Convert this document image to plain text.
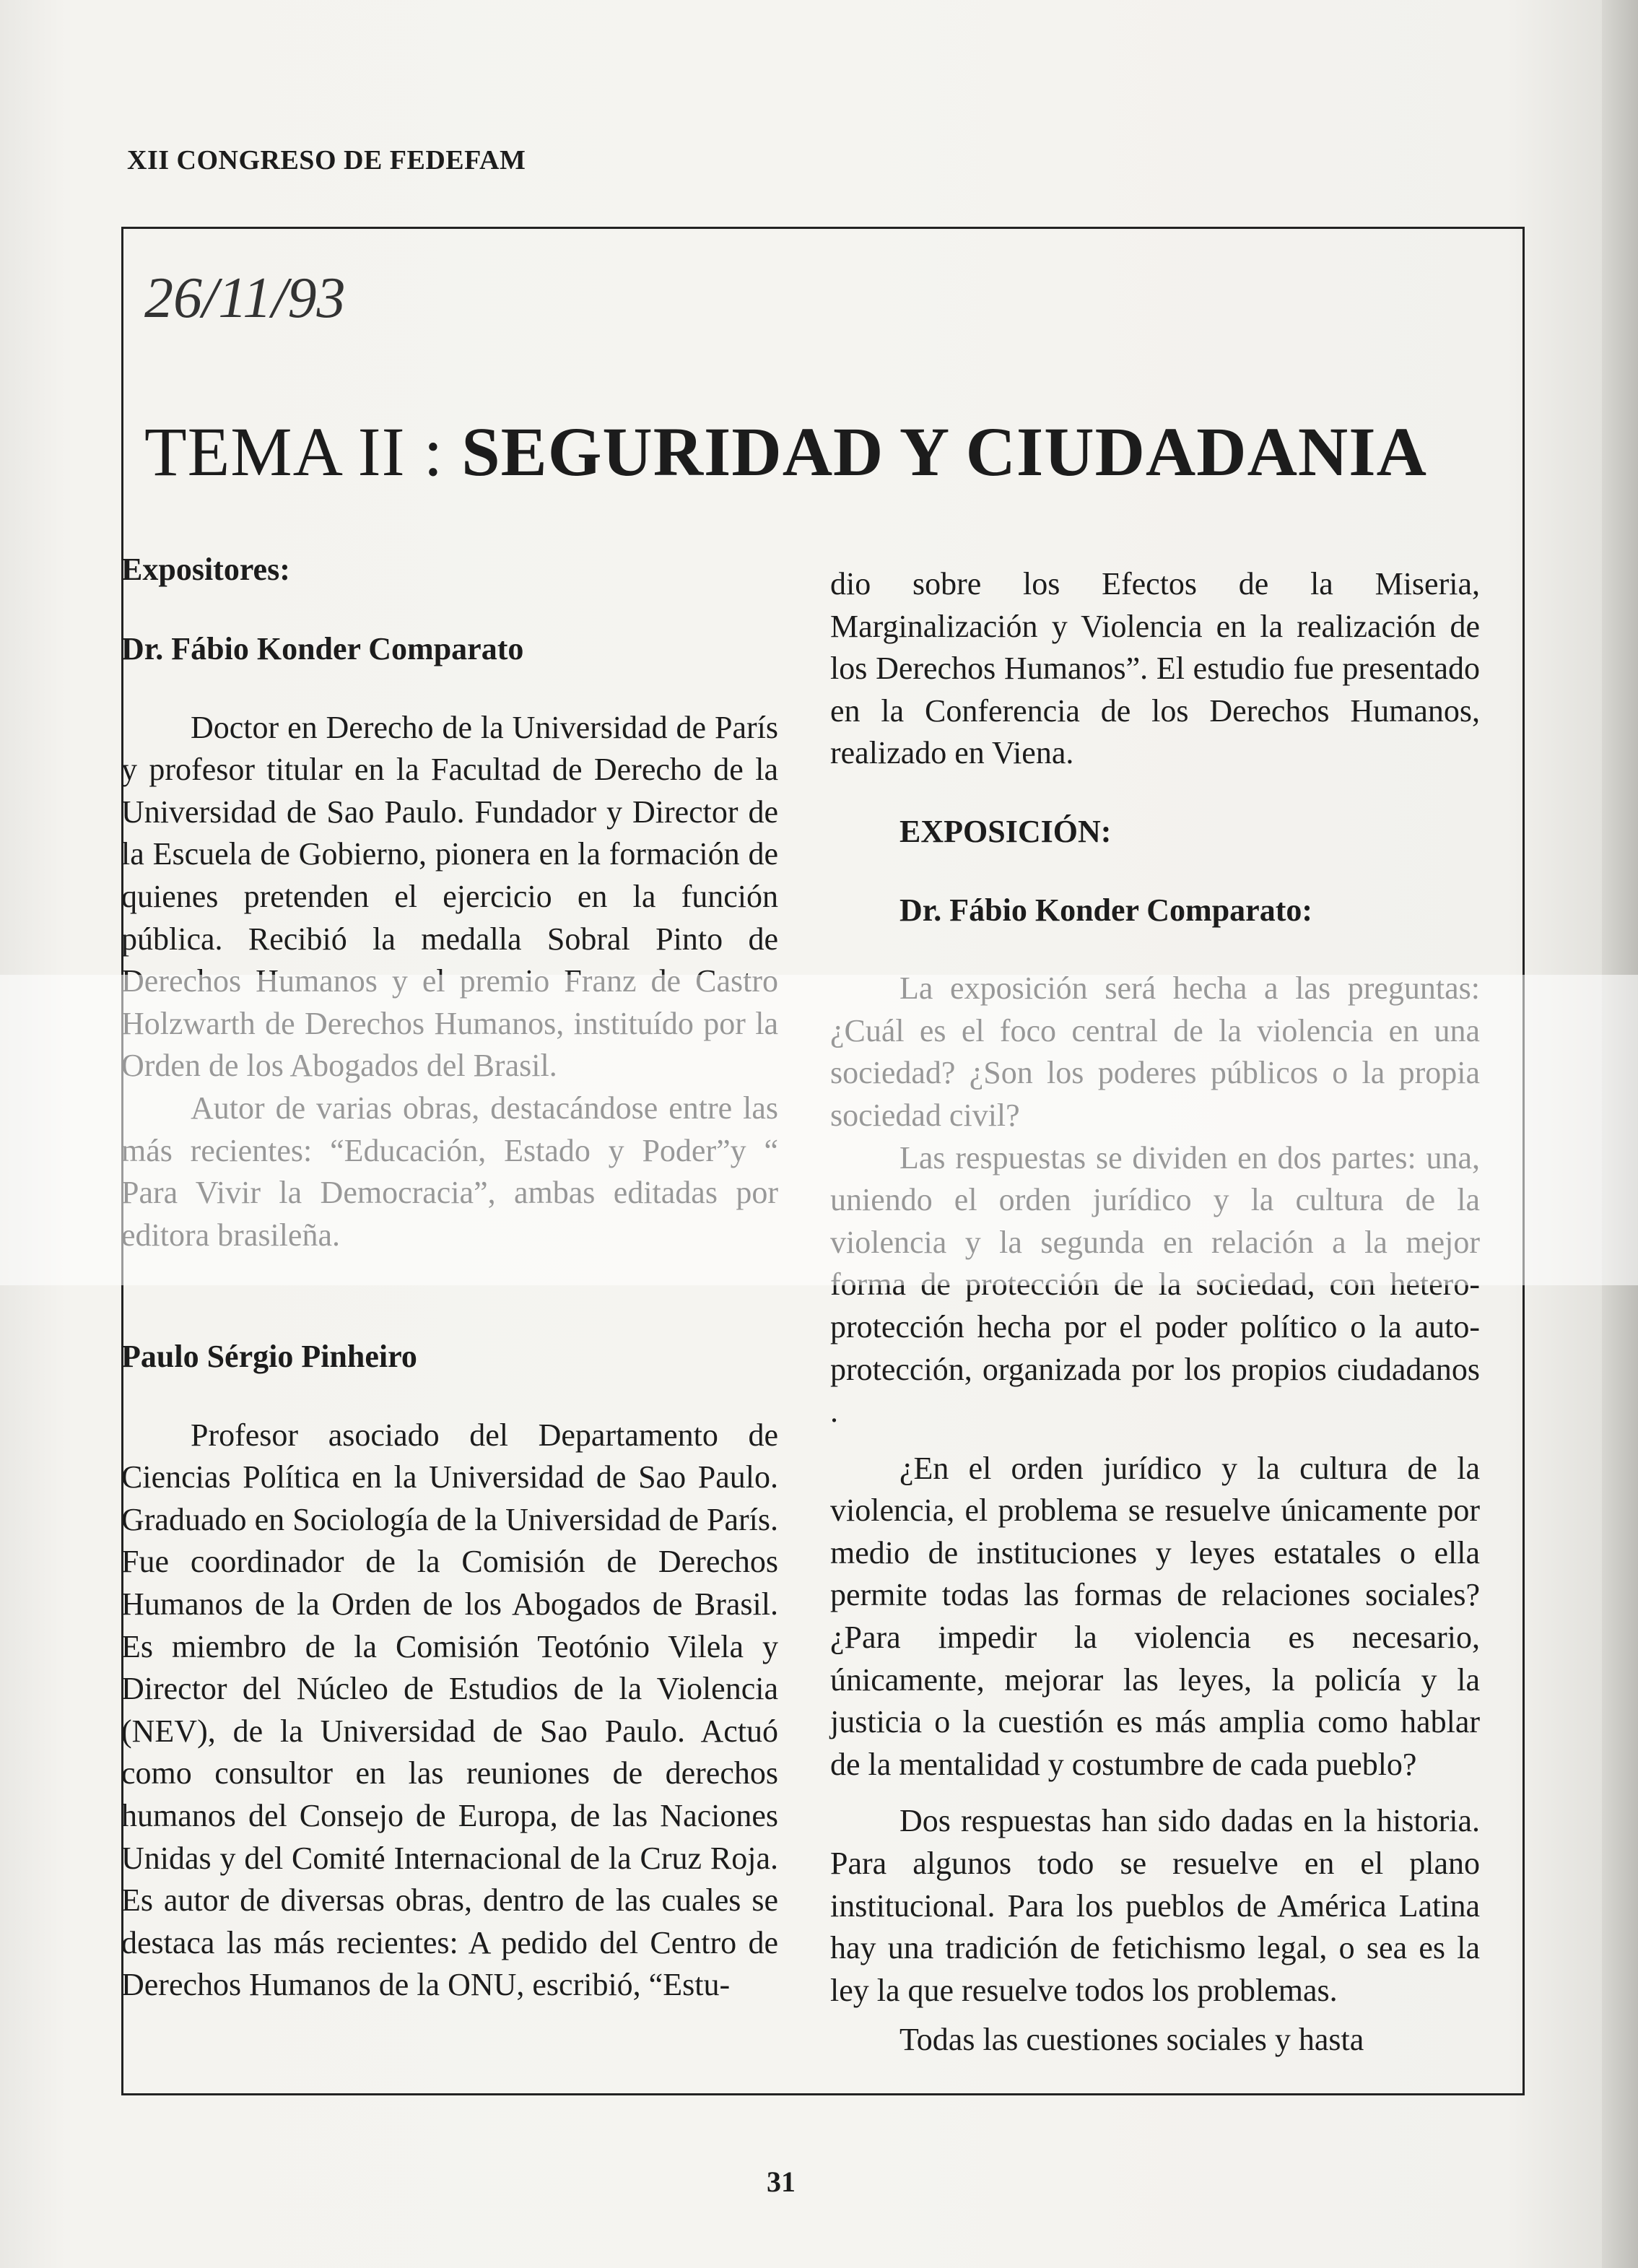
XII CONGRESO DE FEDEFAM
26/11/93
TEMA II : SEGURIDAD Y CIUDADANIA
Expositores:
Dr. Fábio Konder Comparato

Doctor en Derecho de la Universidad de París y profesor titular en la Facultad de Derecho de la Universidad de Sao Paulo. Fundador y Director de la Escuela de Gobierno, pionera en la formación de quienes pretenden el ejercicio en la función pública. Recibió la medalla Sobral Pinto de

Paulo Sérgio Pinheiro

Profesor asociado del Departamento de Ciencias Política en la Universidad de Sao Paulo. Graduado en Sociología de la Universidad de París. Fue coordinador de la Comisión de Derechos Humanos de la Orden de los Abogados de Brasil. Es miembro de la Comisión Teotónio Vilela y Director del Núcleo de Estudios de la Violencia (NEV), de la Universidad de Sao Paulo. Actuó como consultor en las reuniones de derechos humanos del Consejo de Europa, de las Naciones Unidas y del Comité Internacional de la Cruz Roja. Es autor de diversas obras, dentro de las cuales se destaca las más recientes: A pedido del Centro de Derechos Humanos de la ONU, escribió, “Estu-

dio sobre los Efectos de la Miseria, Marginalización y Violencia en la realización de los Derechos Humanos”. El estudio fue presentado en la Conferencia de los Derechos Humanos, realizado en Viena.

EXPOSICIÓN:
Dr. Fábio Konder Comparato:

protección hecha por el poder político o la auto-protección, organizada por los propios ciudadanos .

¿En el orden jurídico y la cultura de la violencia, el problema se resuelve únicamente por medio de instituciones y leyes estatales o ella permite todas las formas de relaciones sociales? ¿Para impedir la violencia es necesario, únicamente, mejorar las leyes, la policía y la justicia o la cuestión es más amplia como hablar de la mentalidad y costumbre de cada pueblo?

Dos respuestas han sido dadas en la historia. Para algunos todo se resuelve en el plano institucional. Para los pueblos de América Latina hay una tradición de fetichismo legal, o sea es la ley la que resuelve todos los problemas.

Todas las cuestiones sociales y hasta

31
